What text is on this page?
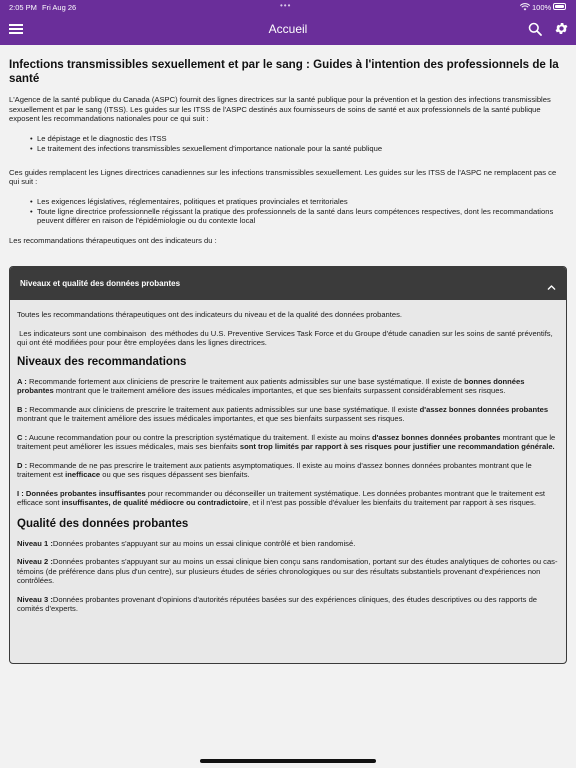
2:05 PM Fri Aug 26	•••	100%
Accueil
Infections transmissibles sexuellement et par le sang : Guides à l'intention des professionnels de la santé

L'Agence de la santé publique du Canada (ASPC) fournit des lignes directrices sur la santé publique pour la prévention et la gestion des infections transmissibles sexuellement et par le sang (ITSS). Les guides sur les ITSS de l'ASPC destinés aux fournisseurs de soins de santé et aux professionnels de la santé publique exposent les recommandations nationales pour ce qui suit :

• Le dépistage et le diagnostic des ITSS
• Le traitement des infections transmissibles sexuellement d'importance nationale pour la santé publique

Ces guides remplacent les Lignes directrices canadiennes sur les infections transmissibles sexuellement. Les guides sur les ITSS de l'ASPC ne remplacent pas ce qui suit :

• Les exigences législatives, réglementaires, politiques et pratiques provinciales et territoriales
• Toute ligne directrice professionnelle régissant la pratique des professionnels de la santé dans leurs compétences respectives, dont les recommandations peuvent différer en raison de l'épidémiologie ou du contexte local

Les recommandations thérapeutiques ont des indicateurs du :

Niveaux et qualité des données probantes

Toutes les recommandations thérapeutiques ont des indicateurs du niveau et de la qualité des données probantes.

Les indicateurs sont une combinaison  des méthodes du U.S. Preventive Services Task Force et du Groupe d'étude canadien sur les soins de santé préventifs, qui ont été modifiées pour pour être employées dans les lignes directrices.

Niveaux des recommandations

A : Recommande fortement aux cliniciens de prescrire le traitement aux patients admissibles sur une base systématique. Il existe de bonnes données probantes montrant que le traitement améliore des issues médicales importantes, et que ses bienfaits surpassent considérablement ses risques.

B : Recommande aux cliniciens de prescrire le traitement aux patients admissibles sur une base systématique. Il existe d'assez bonnes données probantes montrant que le traitement améliore des issues médicales importantes, et que ses bienfaits surpassent ses risques.

C : Aucune recommandation pour ou contre la prescription systématique du traitement. Il existe au moins d'assez bonnes données probantes montrant que le traitement peut améliorer les issues médicales, mais ses bienfaits sont trop limités par rapport à ses risques pour justifier une recommandation générale.

D : Recommande de ne pas prescrire le traitement aux patients asymptomatiques. Il existe au moins d'assez bonnes données probantes montrant que le traitement est inefficace ou que ses risques dépassent ses bienfaits.

I : Données probantes insuffisantes pour recommander ou déconseiller un traitement systématique. Les données probantes montrant que le traitement est efficace sont insuffisantes, de qualité médiocre ou contradictoire, et il n'est pas possible d'évaluer les bienfaits du traitement par rapport à ses risques.

Qualité des données probantes

Niveau 1 :Données probantes s'appuyant sur au moins un essai clinique contrôlé et bien randomisé.

Niveau 2 :Données probantes s'appuyant sur au moins un essai clinique bien conçu sans randomisation, portant sur des études analytiques de cohortes ou cas-témoins (de préférence dans plus d'un centre), sur plusieurs études de séries chronologiques ou sur des résultats substantiels provenant d'expériences non contrôlées.

Niveau 3 :Données probantes provenant d'opinions d'autorités réputées basées sur des expériences cliniques, des études descriptives ou des rapports de comités d'experts.
